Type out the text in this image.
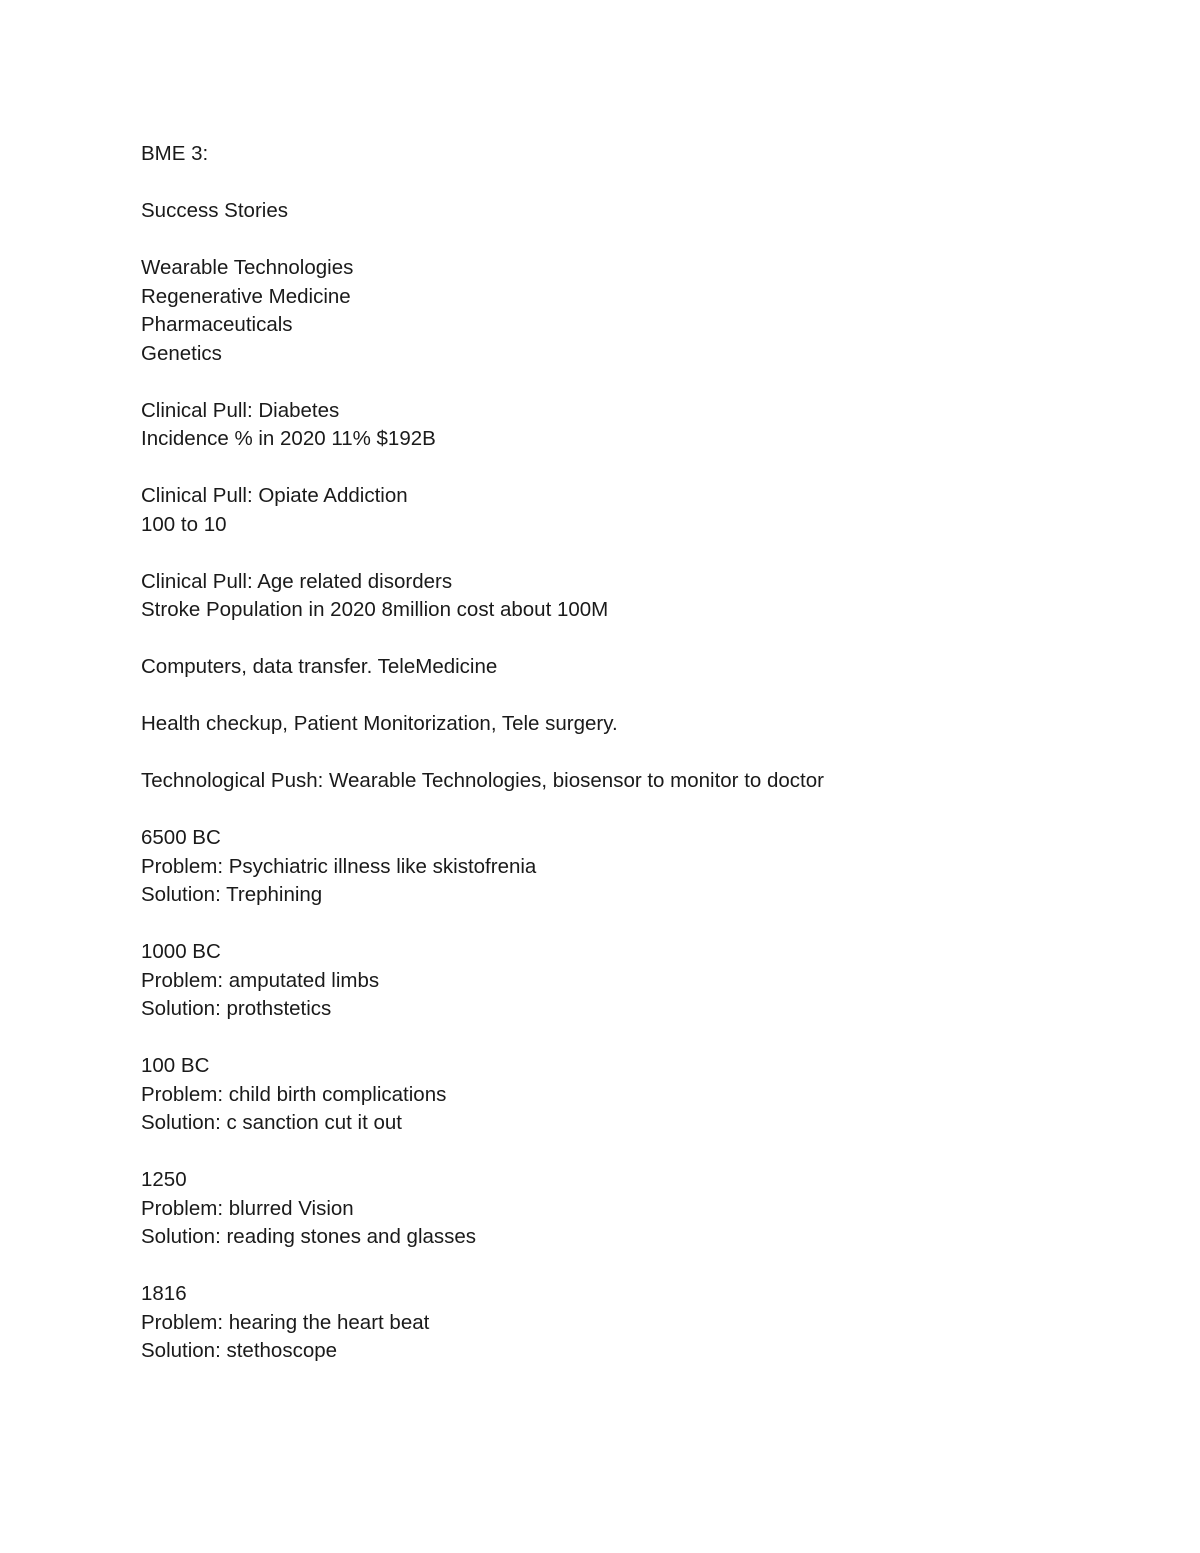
BME 3:
Success Stories
Wearable Technologies
Regenerative Medicine
Pharmaceuticals
Genetics
Clinical Pull: Diabetes
Incidence % in 2020 11% $192B
Clinical Pull: Opiate Addiction
100 to 10
Clinical Pull: Age related disorders
Stroke Population in 2020 8million cost about 100M
Computers, data transfer. TeleMedicine
Health checkup, Patient Monitorization, Tele surgery.
Technological Push: Wearable Technologies, biosensor to monitor to doctor
6500 BC
Problem: Psychiatric illness like skistofrenia
Solution: Trephining
1000 BC
Problem: amputated limbs
Solution: prothstetics
100 BC
Problem: child birth complications
Solution: c sanction cut it out
1250
Problem: blurred Vision
Solution: reading stones and glasses
1816
Problem: hearing the heart beat
Solution: stethoscope
